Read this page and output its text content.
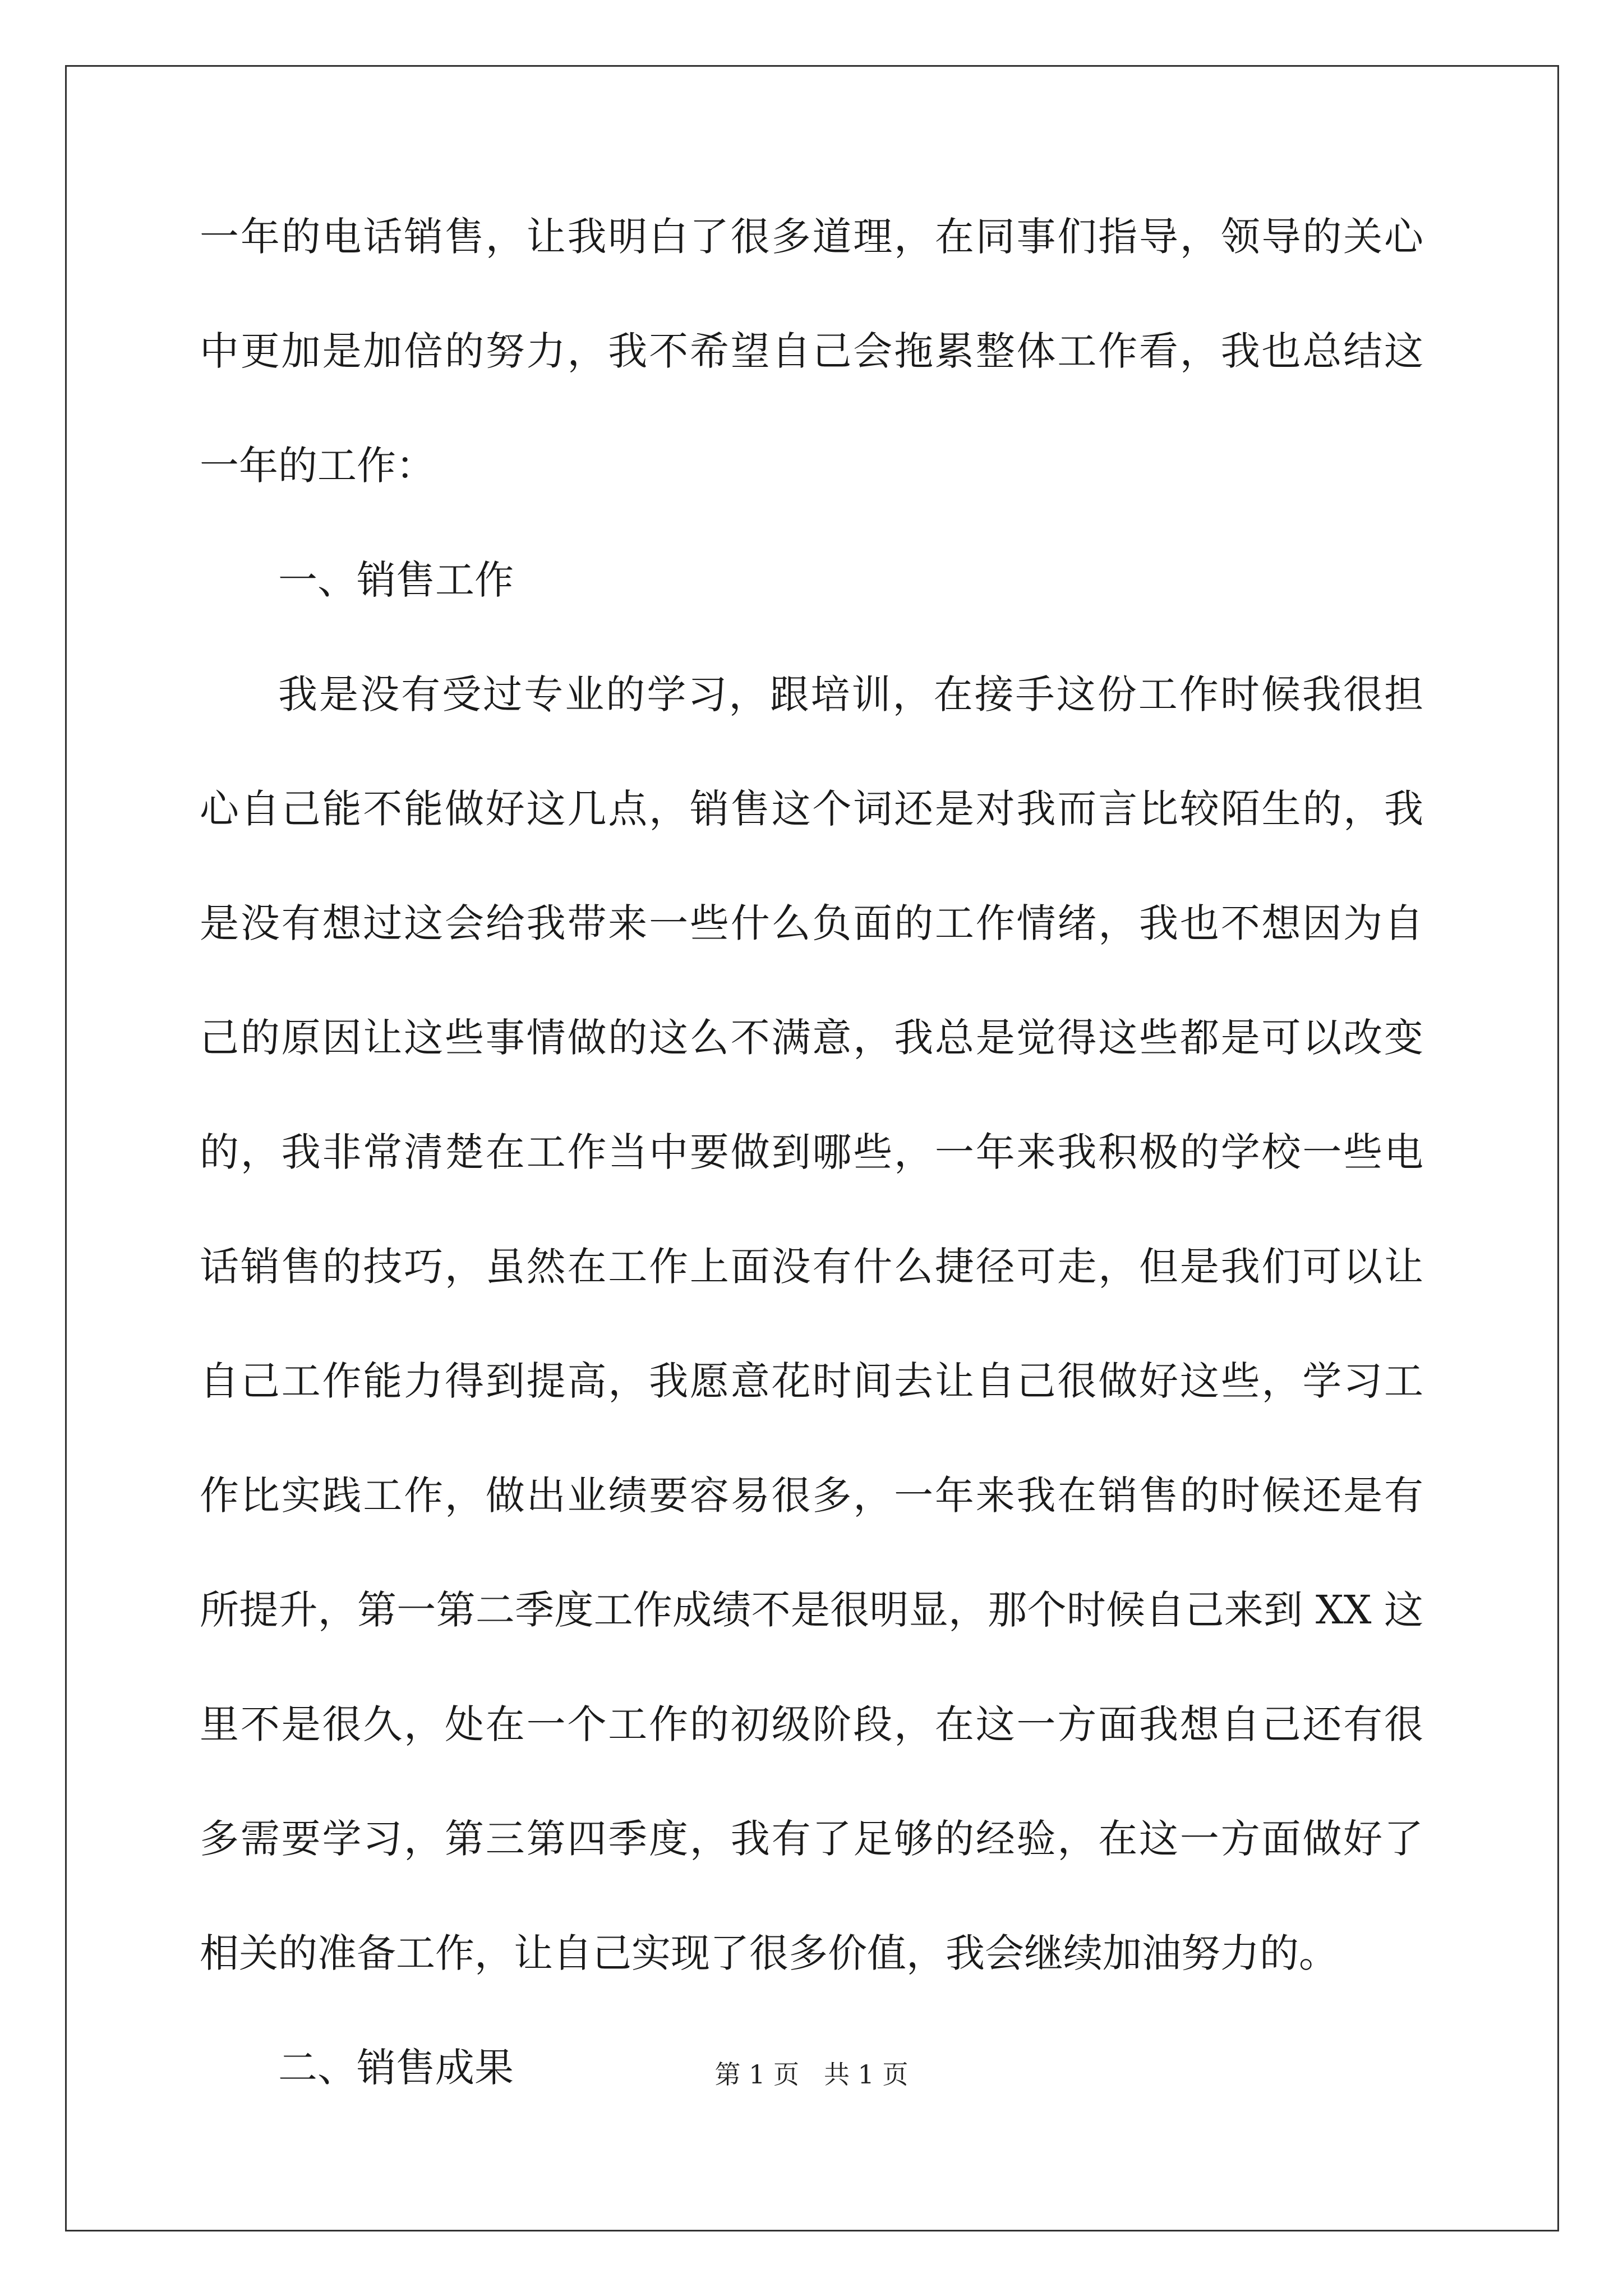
一年的电话销售，让我明白了很多道理，在同事们指导，领导的关心
中更加是加倍的努力，我不希望自己会拖累整体工作看，我也总结这
一年的工作：
一、销售工作
我是没有受过专业的学习，跟培训，在接手这份工作时候我很担
心自己能不能做好这几点，销售这个词还是对我而言比较陌生的，我
是没有想过这会给我带来一些什么负面的工作情绪，我也不想因为自
己的原因让这些事情做的这么不满意，我总是觉得这些都是可以改变
的，我非常清楚在工作当中要做到哪些，一年来我积极的学校一些电
话销售的技巧，虽然在工作上面没有什么捷径可走，但是我们可以让
自己工作能力得到提高，我愿意花时间去让自己很做好这些，学习工
作比实践工作，做出业绩要容易很多，一年来我在销售的时候还是有
所提升，第一第二季度工作成绩不是很明显，那个时候自己来到 XX 这
里不是很久，处在一个工作的初级阶段，在这一方面我想自己还有很
多需要学习，第三第四季度，我有了足够的经验，在这一方面做好了
相关的准备工作，让自己实现了很多价值，我会继续加油努力的。
二、销售成果	第 1 页 共 1 页
